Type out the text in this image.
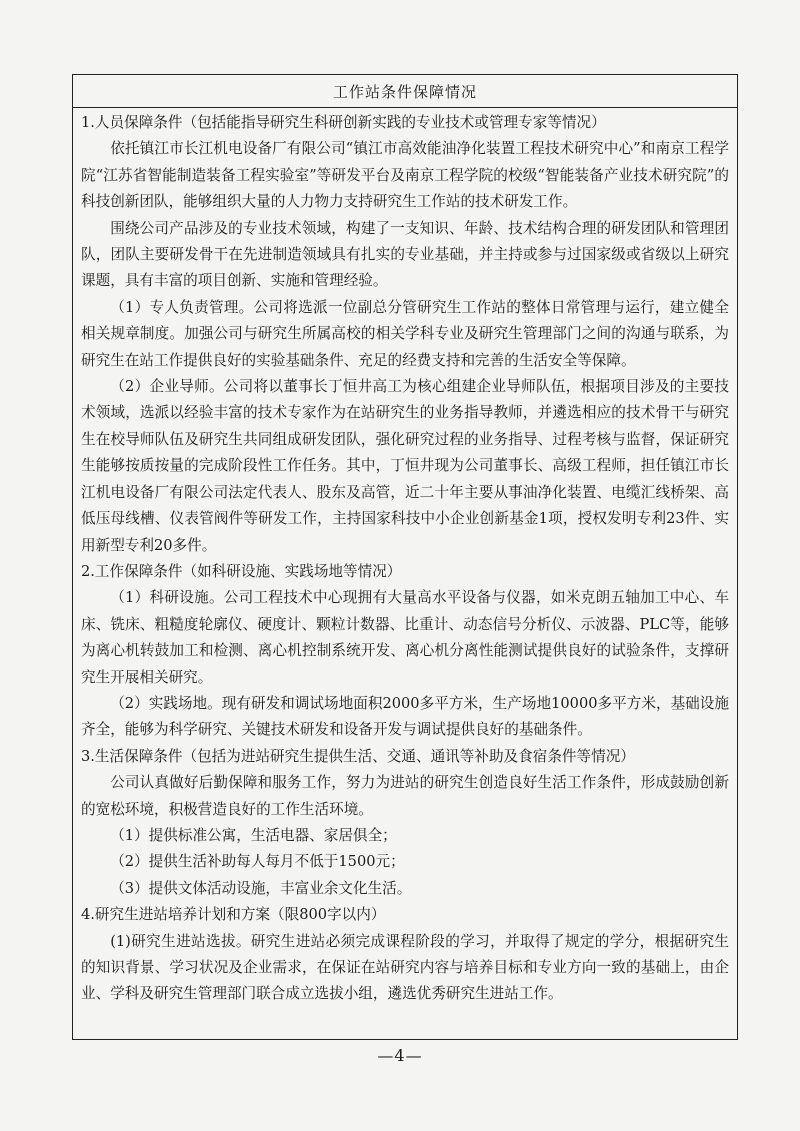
工作站条件保障情况

1.人员保障条件（包括能指导研究生科研创新实践的专业技术或管理专家等情况）

依托镇江市长江机电设备厂有限公司“镇江市高效能油净化装置工程技术研究中心”和南京工程学院“江苏省智能制造装备工程实验室”等研发平台及南京工程学院的校级“智能装备产业技术研究院”的科技创新团队，能够组织大量的人力物力支持研究生工作站的技术研发工作。

围绕公司产品涉及的专业技术领域，构建了一支知识、年龄、技术结构合理的研发团队和管理团队，团队主要研发骨干在先进制造领域具有扎实的专业基础，并主持或参与过国家级或省级以上研究课题，具有丰富的项目创新、实施和管理经验。

（1）专人负责管理。公司将选派一位副总分管研究生工作站的整体日常管理与运行，建立健全相关规章制度。加强公司与研究生所属高校的相关学科专业及研究生管理部门之间的沟通与联系，为研究生在站工作提供良好的实验基础条件、充足的经费支持和完善的生活安全等保障。

（2）企业导师。公司将以董事长丁恒井高工为核心组建企业导师队伍，根据项目涉及的主要技术领域，选派以经验丰富的技术专家作为在站研究生的业务指导教师，并遴选相应的技术骨干与研究生在校导师队伍及研究生共同组成研发团队，强化研究过程的业务指导、过程考核与监督，保证研究生能够按质按量的完成阶段性工作任务。其中，丁恒井现为公司董事长、高级工程师，担任镇江市长江机电设备厂有限公司法定代表人、股东及高管，近二十年主要从事油净化装置、电缆汇线桥架、高低压母线槽、仪表管阀件等研发工作，主持国家科技中小企业创新基金1项，授权发明专利23件、实用新型专利20多件。

2.工作保障条件（如科研设施、实践场地等情况）

（1）科研设施。公司工程技术中心现拥有大量高水平设备与仪器，如米克朗五轴加工中心、车床、铣床、粗糙度轮廓仪、硬度计、颗粒计数器、比重计、动态信号分析仪、示波器、PLC等，能够为离心机转鼓加工和检测、离心机控制系统开发、离心机分离性能测试提供良好的试验条件，支撑研究生开展相关研究。

（2）实践场地。现有研发和调试场地面积2000多平方米，生产场地10000多平方米，基础设施齐全，能够为科学研究、关键技术研发和设备开发与调试提供良好的基础条件。

3.生活保障条件（包括为进站研究生提供生活、交通、通讯等补助及食宿条件等情况）

公司认真做好后勤保障和服务工作，努力为进站的研究生创造良好生活工作条件，形成鼓励创新的宽松环境，积极营造良好的工作生活环境。

（1）提供标准公寓，生活电器、家居俱全；

（2）提供生活补助每人每月不低于1500元；

（3）提供文体活动设施，丰富业余文化生活。

4.研究生进站培养计划和方案（限800字以内）

(1)研究生进站选拔。研究生进站必须完成课程阶段的学习，并取得了规定的学分，根据研究生的知识背景、学习状况及企业需求，在保证在站研究内容与培养目标和专业方向一致的基础上，由企业、学科及研究生管理部门联合成立选拔小组，遴选优秀研究生进站工作。

—4—
